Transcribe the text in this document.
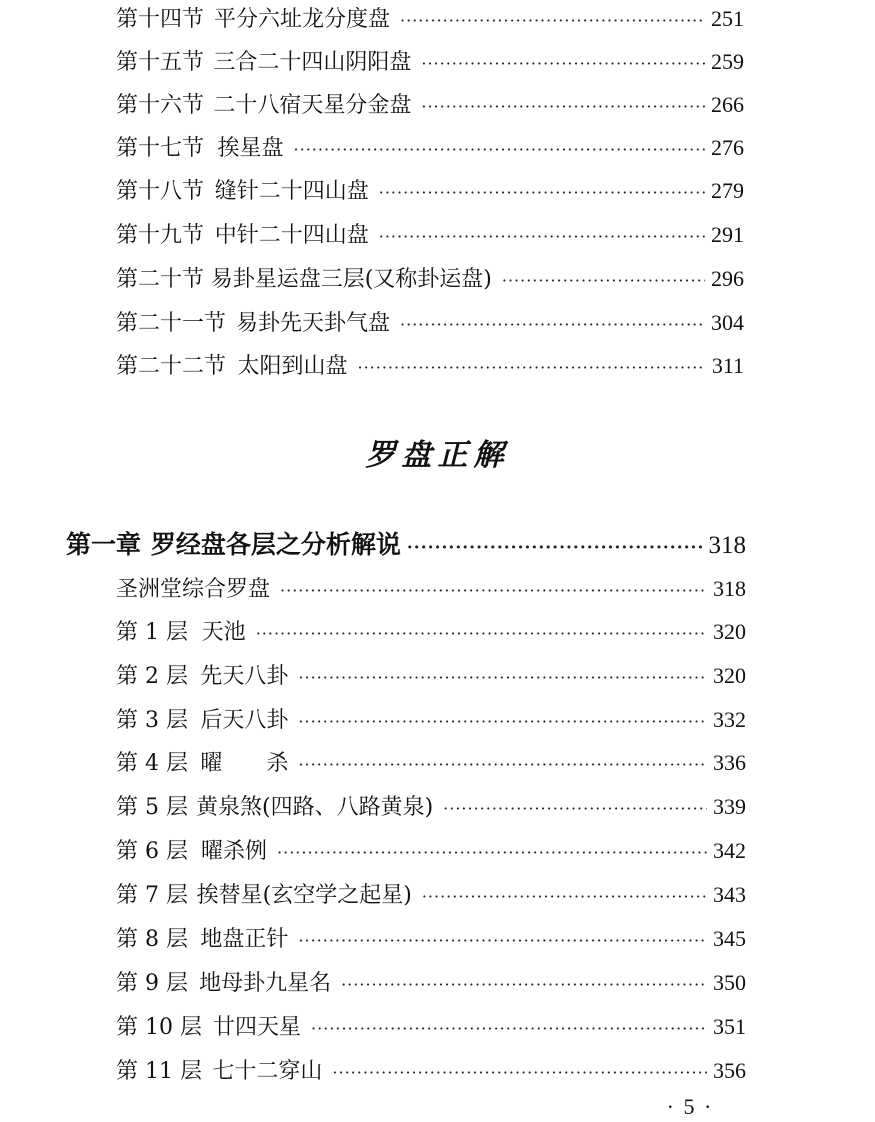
第十四节 平分六址龙分度盘 ·····	251
第十五节 三合二十四山阴阳盘 ·····	259
第十六节 二十八宿天星分金盘 ·····	266
第十七节 挨星盘 ·····	276
第十八节 缝针二十四山盘 ·····	279
第十九节 中针二十四山盘 ·····	291
第二十节 易卦星运盘三层(又称卦运盘) ·····	296
第二十一节 易卦先天卦气盘 ·····	304
第二十二节 太阳到山盘 ·····	311
罗盘正解
第一章 罗经盘各层之分析解说 ·····	318
圣洲堂综合罗盘 ·····	318
第 1 层 天池 ·····	320
第 2 层 先天八卦 ·····	320
第 3 层 后天八卦 ·····	332
第 4 层 曜　　杀 ·····	336
第 5 层 黄泉煞(四路、八路黄泉) ·····	339
第 6 层 曜杀例 ·····	342
第 7 层 挨替星(玄空学之起星) ·····	343
第 8 层 地盘正针 ·····	345
第 9 层 地母卦九星名 ·····	350
第 10 层 廿四天星 ·····	351
第 11 层 七十二穿山 ·····	356
· 5 ·
